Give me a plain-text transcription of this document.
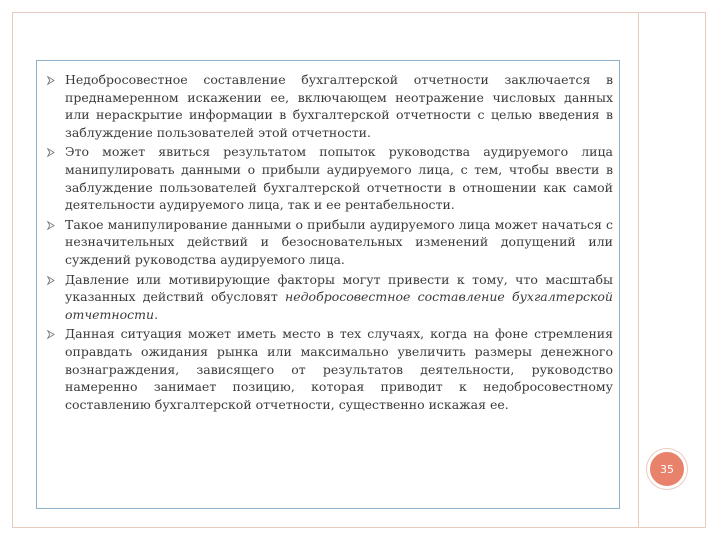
Недобросовестное составление бухгалтерской отчетности заключается в преднамеренном искажении ее, включающем неотражение числовых данных или нераскрытие информации в бухгалтерской отчетности с целью введения в заблуждение пользователей этой отчетности.
Это может явиться результатом попыток руководства аудируемого лица манипулировать данными о прибыли аудируемого лица, с тем, чтобы ввести в заблуждение пользователей бухгалтерской отчетности в отношении как самой деятельности аудируемого лица, так и ее рентабельности.
Такое манипулирование данными о прибыли аудируемого лица может начаться с незначительных действий и безосновательных изменений допущений или суждений руководства аудируемого лица.
Давление или мотивирующие факторы могут привести к тому, что масштабы указанных действий обусловят недобросовестное составление бухгалтерской отчетности.
Данная ситуация может иметь место в тех случаях, когда на фоне стремления оправдать ожидания рынка или максимально увеличить размеры денежного вознаграждения, зависящего от результатов деятельности, руководство намеренно занимает позицию, которая приводит к недобросовестному составлению бухгалтерской отчетности, существенно искажая ее.
35
